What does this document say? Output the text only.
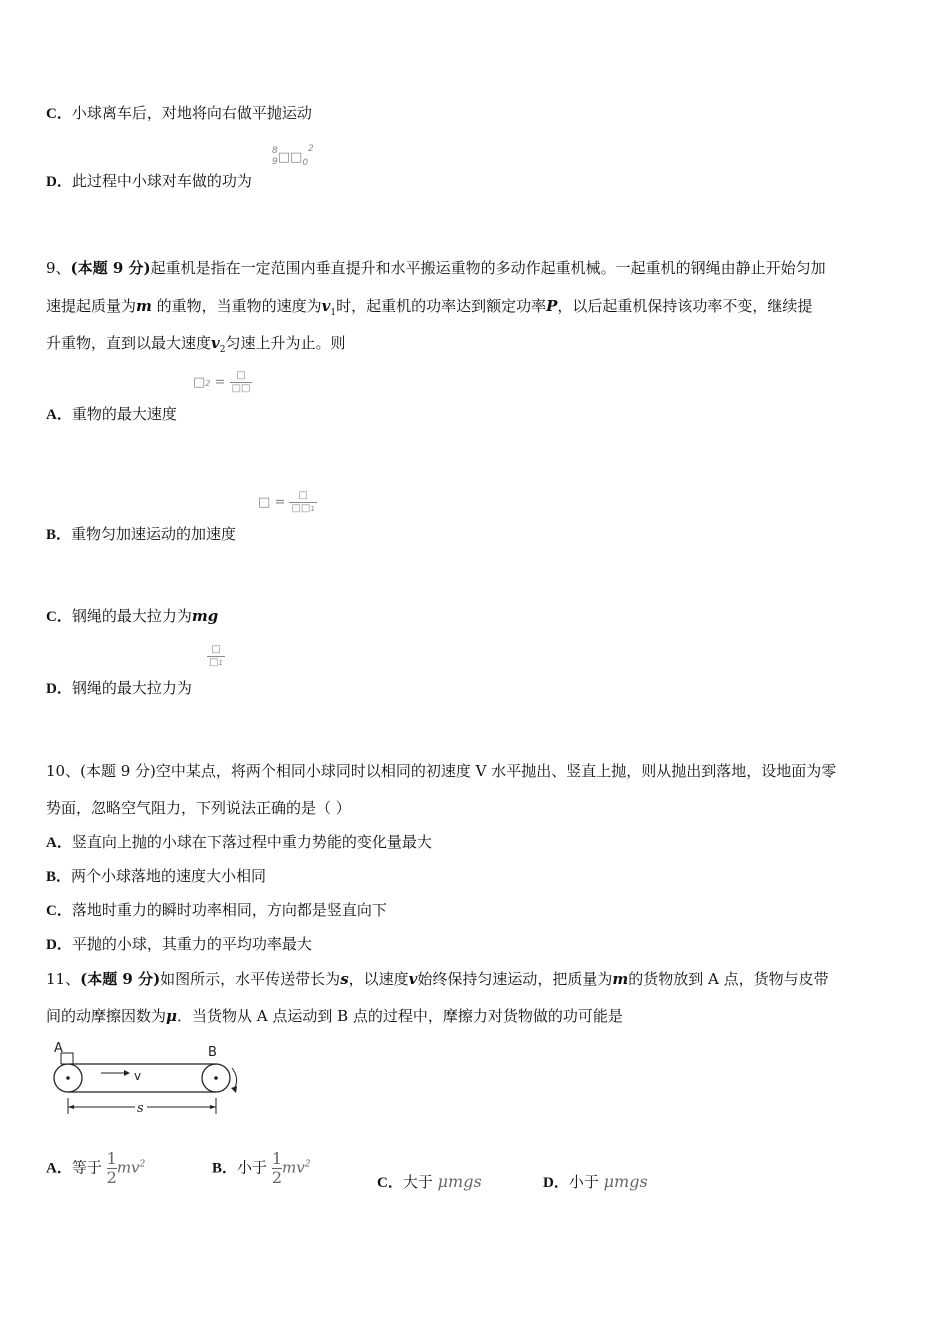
C．小球离车后，对地将向右做平抛运动
8
9 $□□_0^2$
D．此过程中小球对车做的功为
9、(本题 9 分)起重机是指在一定范围内垂直提升和水平搬运重物的多动作起重机械。一起重机的钢绳由静止开始匀加
速提起质量为m 的重物，当重物的速度为$v_1$时，起重机的功率达到额定功率P，以后起重机保持该功率不变，继续提
升重物，直到以最大速度$v_2$匀速上升为止。则
□2 = $\frac{□}{□□}$
A．重物的最大速度
□ = $\frac{□}{□□1}$
B．重物匀加速运动的加速度
C．钢绳的最大拉力为mg
$\frac{□}{□1}$
D．钢绳的最大拉力为
10、(本题 9 分)空中某点，将两个相同小球同时以相同的初速度 V 水平抛出、竖直上抛，则从抛出到落地，设地面为零
势面，忽略空气阻力，下列说法正确的是（ ）
A．竖直向上抛的小球在下落过程中重力势能的变化量最大
B．两个小球落地的速度大小相同
C．落地时重力的瞬时功率相同，方向都是竖直向下
D．平抛的小球，其重力的平均功率最大
11、(本题 9 分)如图所示，水平传送带长为s，以速度v始终保持匀速运动，把质量为m的货物放到 A 点，货物与皮带
间的动摩擦因数为μ．当货物从 A 点运动到 B 点的过程中，摩擦力对货物做的功可能是
A	B
v
s
A．等于 $\frac{1}{2} mv^2$	B．小于 $\frac{1}{2} mv^2$
C．大于 μmgs	D．小于 μmgs
